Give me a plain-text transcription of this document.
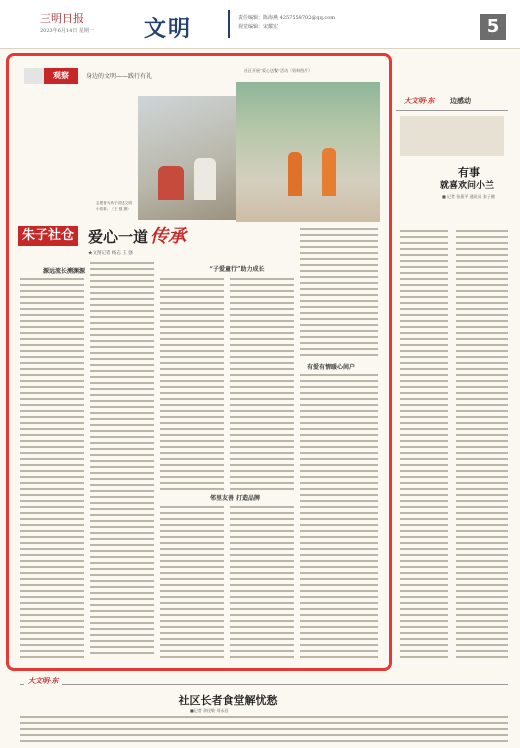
三明日报
2023年6月14日 星期一 文明	责任编辑：陈海燕 4257558702@qq.com
视觉编辑：宋耀宏	5
观察	身边的文明——践行有礼
志愿者为孩子讲述文明小故事。（王 强 摄）
社区开展“爱心送餐”活动（资料图片）
朱子社仓 爱心一道 传承
★文图记者 杨志 王 强
源远流长溯渊源	“子爱童行”助力成长
有爱有情暖心间户
邻里友善 打造品牌
大文明·东 边感动
有事
就喜欢问小兰
■ 记者 张燕平 通讯员 张子健
大文明·东
社区长者食堂解忧愁
■记者 余佳敏 刘永昌
